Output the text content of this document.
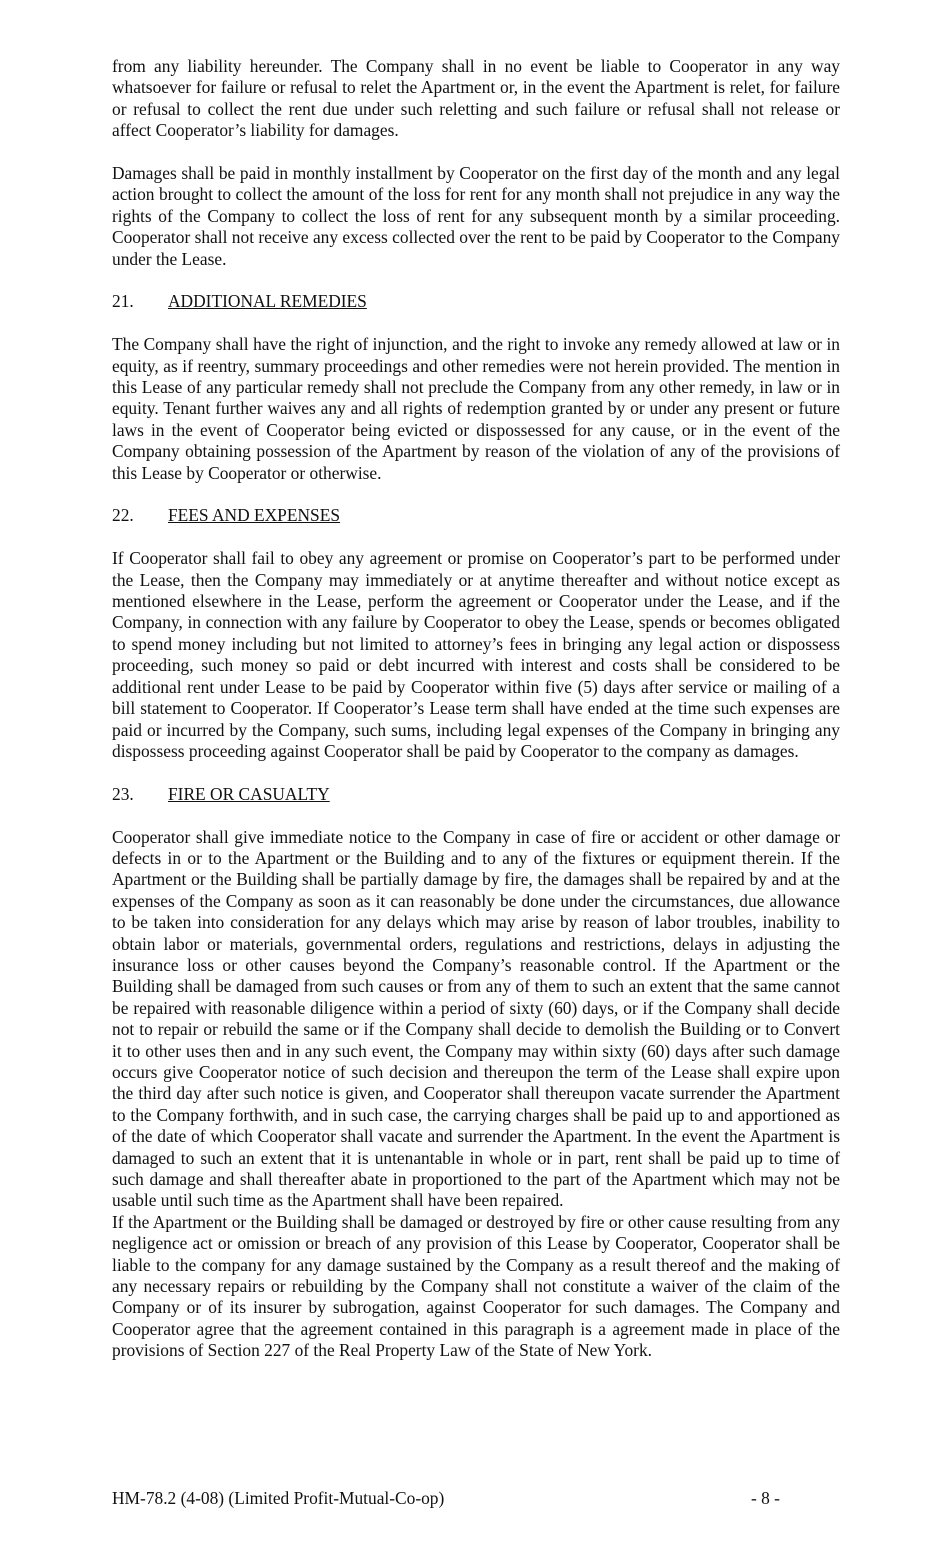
from any liability hereunder. The Company shall in no event be liable to Cooperator in any way whatsoever for failure or refusal to relet the Apartment or, in the event the Apartment is relet, for failure or refusal to collect the rent due under such reletting and such failure or refusal shall not release or affect Cooperator’s liability for damages.

Damages shall be paid in monthly installment by Cooperator on the first day of the month and any legal action brought to collect the amount of the loss for rent for any month shall not prejudice in any way the rights of the Company to collect the loss of rent for any subsequent month by a similar proceeding. Cooperator shall not receive any excess collected over the rent to be paid by Cooperator to the Company under the Lease.

21.	ADDITIONAL REMEDIES

The Company shall have the right of injunction, and the right to invoke any remedy allowed at law or in equity, as if reentry, summary proceedings and other remedies were not herein provided. The mention in this Lease of any particular remedy shall not preclude the Company from any other remedy, in law or in equity. Tenant further waives any and all rights of redemption granted by or under any present or future laws in the event of Cooperator being evicted or dispossessed for any cause, or in the event of the Company obtaining possession of the Apartment by reason of the violation of any of the provisions of this Lease by Cooperator or otherwise.

22.	FEES AND EXPENSES

If Cooperator shall fail to obey any agreement or promise on Cooperator’s part to be performed under the Lease, then the Company may immediately or at anytime thereafter and without notice except as mentioned elsewhere in the Lease, perform the agreement or Cooperator under the Lease, and if the Company, in connection with any failure by Cooperator to obey the Lease, spends or becomes obligated to spend money including but not limited to attorney’s fees in bringing any legal action or dispossess proceeding, such money so paid or debt incurred with interest and costs shall be considered to be additional rent under Lease to be paid by Cooperator within five (5) days after service or mailing of a bill statement to Cooperator. If Cooperator’s Lease term shall have ended at the time such expenses are paid or incurred by the Company, such sums, including legal expenses of the Company in bringing any dispossess proceeding against Cooperator shall be paid by Cooperator to the company as damages.

23.	FIRE OR CASUALTY

Cooperator shall give immediate notice to the Company in case of fire or accident or other damage or defects in or to the Apartment or the Building and to any of the fixtures or equipment therein. If the Apartment or the Building shall be partially damage by fire, the damages shall be repaired by and at the expenses of the Company as soon as it can reasonably be done under the circumstances, due allowance to be taken into consideration for any delays which may arise by reason of labor troubles, inability to obtain labor or materials, governmental orders, regulations and restrictions, delays in adjusting the insurance loss or other causes beyond the Company’s reasonable control. If the Apartment or the Building shall be damaged from such causes or from any of them to such an extent that the same cannot be repaired with reasonable diligence within a period of sixty (60) days, or if the Company shall decide not to repair or rebuild the same or if the Company shall decide to demolish the Building or to Convert it to other uses then and in any such event, the Company may within sixty (60) days after such damage occurs give Cooperator notice of such decision and thereupon the term of the Lease shall expire upon the third day after such notice is given, and Cooperator shall thereupon vacate surrender the Apartment to the Company forthwith, and in such case, the carrying charges shall be paid up to and apportioned as of the date of which Cooperator shall vacate and surrender the Apartment. In the event the Apartment is damaged to such an extent that it is untenantable in whole or in part, rent shall be paid up to time of such damage and shall thereafter abate in proportioned to the part of the Apartment which may not be usable until such time as the Apartment shall have been repaired.

If the Apartment or the Building shall be damaged or destroyed by fire or other cause resulting from any negligence act or omission or breach of any provision of this Lease by Cooperator, Cooperator shall be liable to the company for any damage sustained by the Company as a result thereof and the making of any necessary repairs or rebuilding by the Company shall not constitute a waiver of the claim of the Company or of its insurer by subrogation, against Cooperator for such damages. The Company and Cooperator agree that the agreement contained in this paragraph is a agreement made in place of the provisions of Section 227 of the Real Property Law of the State of New York.

HM-78.2 (4-08) (Limited Profit-Mutual-Co-op)	- 8 -
